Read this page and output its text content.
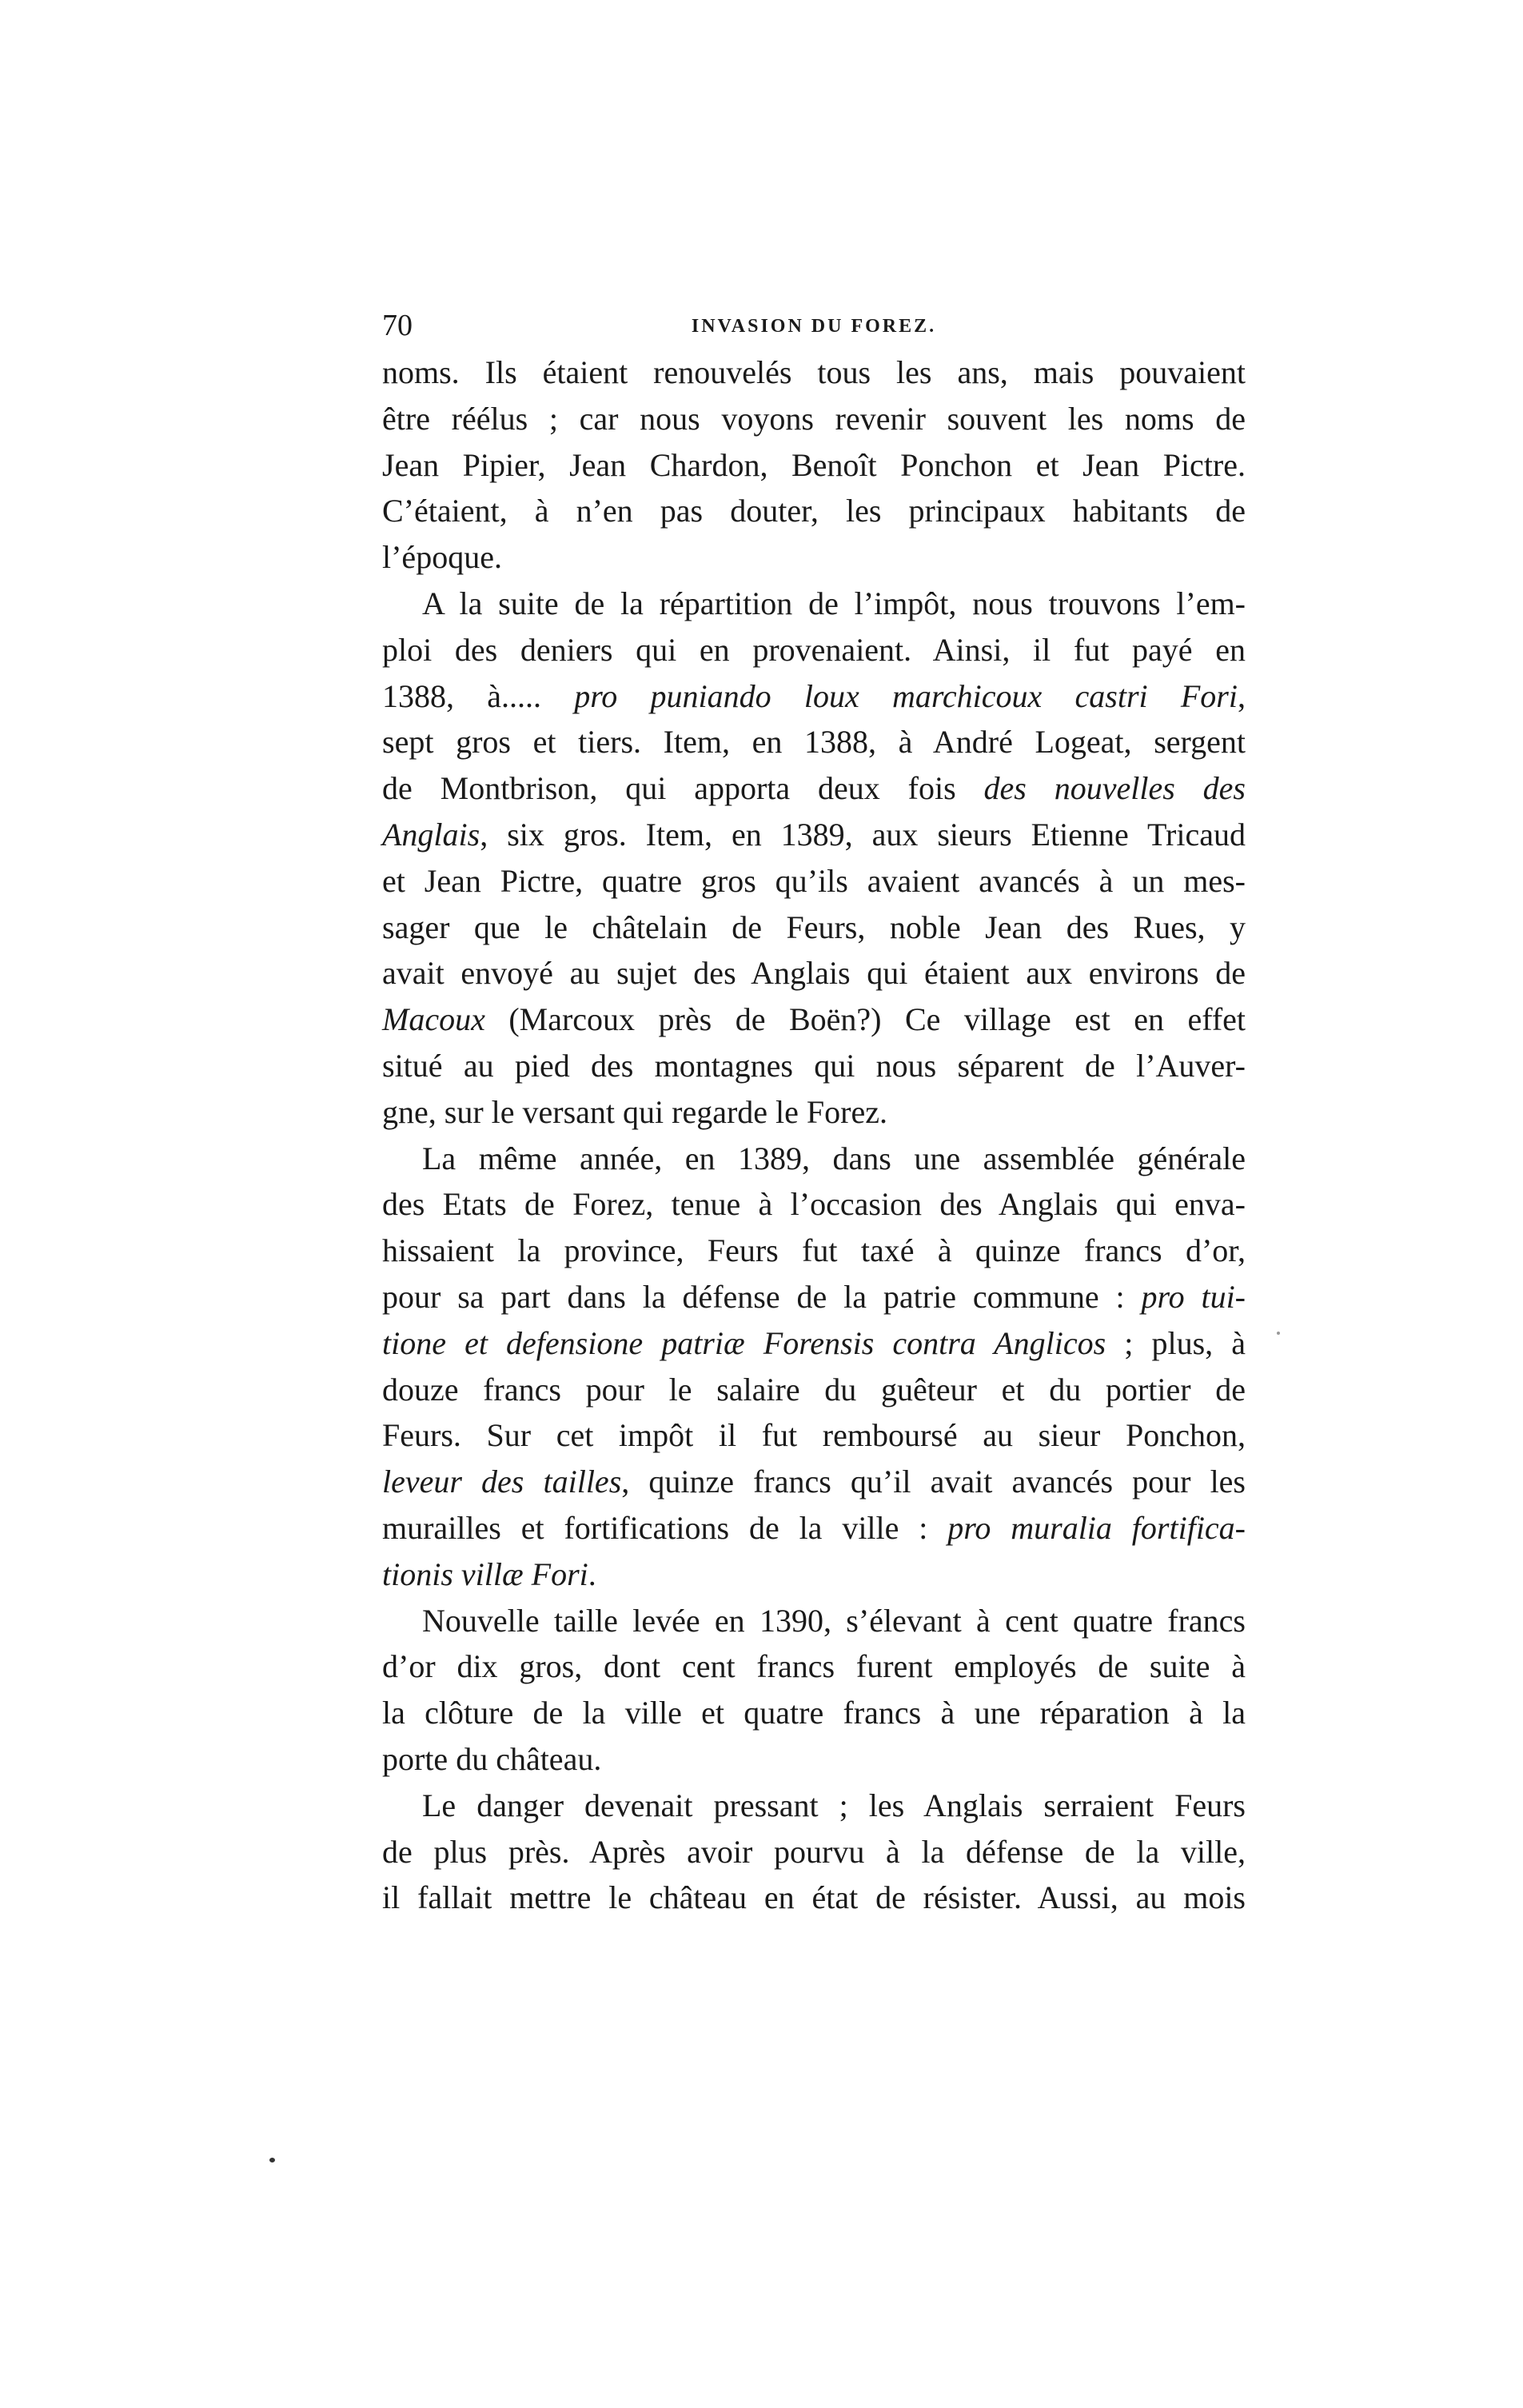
70	INVASION DU FOREZ.
noms. Ils étaient renouvelés tous les ans, mais pouvaient
être réélus ; car nous voyons revenir souvent les noms de
Jean Pipier, Jean Chardon, Benoît Ponchon et Jean Pictre.
C’étaient, à n’en pas douter, les principaux habitants de
l’époque.
A la suite de la répartition de l’impôt, nous trouvons l’em-
ploi des deniers qui en provenaient. Ainsi, il fut payé en
1388, à..... pro puniando loux marchicoux castri Fori,
sept gros et tiers. Item, en 1388, à André Logeat, sergent
de Montbrison, qui apporta deux fois des nouvelles des
Anglais, six gros. Item, en 1389, aux sieurs Etienne Tricaud
et Jean Pictre, quatre gros qu’ils avaient avancés à un mes-
sager que le châtelain de Feurs, noble Jean des Rues, y
avait envoyé au sujet des Anglais qui étaient aux environs de
Macoux (Marcoux près de Boën?) Ce village est en effet
situé au pied des montagnes qui nous séparent de l’Auver-
gne, sur le versant qui regarde le Forez.
La même année, en 1389, dans une assemblée générale
des Etats de Forez, tenue à l’occasion des Anglais qui enva-
hissaient la province, Feurs fut taxé à quinze francs d’or,
pour sa part dans la défense de la patrie commune : pro tui-
tione et defensione patriæ Forensis contra Anglicos ; plus, à
douze francs pour le salaire du guêteur et du portier de
Feurs. Sur cet impôt il fut remboursé au sieur Ponchon,
leveur des tailles, quinze francs qu’il avait avancés pour les
murailles et fortifications de la ville : pro muralia fortifica-
tionis villæ Fori.
Nouvelle taille levée en 1390, s’élevant à cent quatre francs
d’or dix gros, dont cent francs furent employés de suite à
la clôture de la ville et quatre francs à une réparation à la
porte du château.
Le danger devenait pressant ; les Anglais serraient Feurs
de plus près. Après avoir pourvu à la défense de la ville,
il fallait mettre le château en état de résister. Aussi, au mois
